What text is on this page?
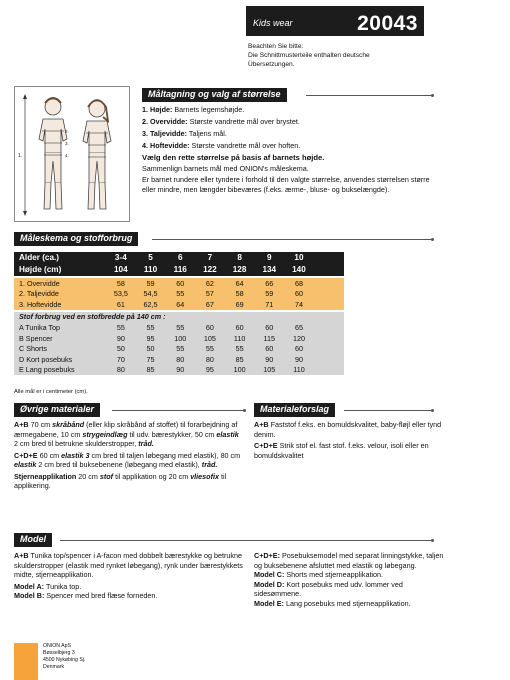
Kids wear	20043
Beachten Sie bitte:
Die Schnittmusterteile enthalten deutsche
Übersetzungen.
Måltagning og valg af størrelse
1.
2.
3.
4.

1. Højde: Barnets legemshøjde.

2. Overvidde: Største vandrette mål over brystet.

3. Taljevidde: Taljens mål.

4. Hoftevidde: Største vandrette mål over hoften.

Vælg den rette størrelse på basis af barnets højde.

Sammenlign barnets mål med ONION's måleskema.

Er barnet rundere eller tyndere i forhold til den valgte størrelse, anvendes størrelsen større eller mindre, men længder bibeværes (f.eks. ærme-, bluse- og bukselængde).

Måleskema og stofforbrug
Alder (ca.)	3-4	5	6	7	8	9	10
Højde (cm)	104	110	116	122	128	134	140
1. Overvidde	58	59	60	62	64	66	68
2. Taljevidde	53,5	54,5	55	57	58	59	60
3. Hoftevidde	61	62,5	64	67	69	71	74
Stof forbrug ved en stofbredde på 140 cm :
A Tunika Top	55	55	55	60	60	60	65
B Spencer	90	95	100	105	110	115	120
C Shorts	50	50	55	55	55	60	60
D Kort posebuks	70	75	80	80	85	90	90
E Lang posebuks	80	85	90	95	100	105	110
Alle mål er i centimeter (cm).
Øvrige materialer	Materialeforslag

A+B 70 cm skråbånd (eller klip skråbånd af stoffet) til forarbejdning af ærmegabene, 10 cm strygeindlæg til udv. bærestykker, 50 cm elastik 2 cm bred til betrukne skulderstropper, tråd.

C+D+E 60 cm elastik 3 cm bred til taljen løbegang med elastik), 80 cm elastik 2 cm bred til buksebenene (løbegang med elastik), tråd.

Stjerneapplikation 20 cm stof til applikation og 20 cm vliesofix til applikering.

A+B Faststof f.eks. en bomuldskvalitet, baby-fløjl eller tynd denim.

C+D+E Strik stof el. fast stof. f.eks. velour, isoli eller en bomuldskvalitet

Model

A+B Tunika top/spencer i A-facon med dobbelt bærestykke og betrukne skulderstropper (elastik med rynket løbegang), rynk under bærestykkets midte, stjerneapplikation.

Model A: Tunika top.

Model B: Spencer med bred flæse forneden.

C+D+E: Posebuksemodel med separat linningstykke, taljen og buksebenene afsluttet med elastik og løbegang.

Model C: Shorts med stjerneapplikation.

Model D: Kort posebuks med udv. lommer ved sidesømmene.

Model E: Lang posebuks med stjerneapplikation.

ONION ApS
Bøsselbjerg 3
4500 Nykøbing Sj.
Denmark
